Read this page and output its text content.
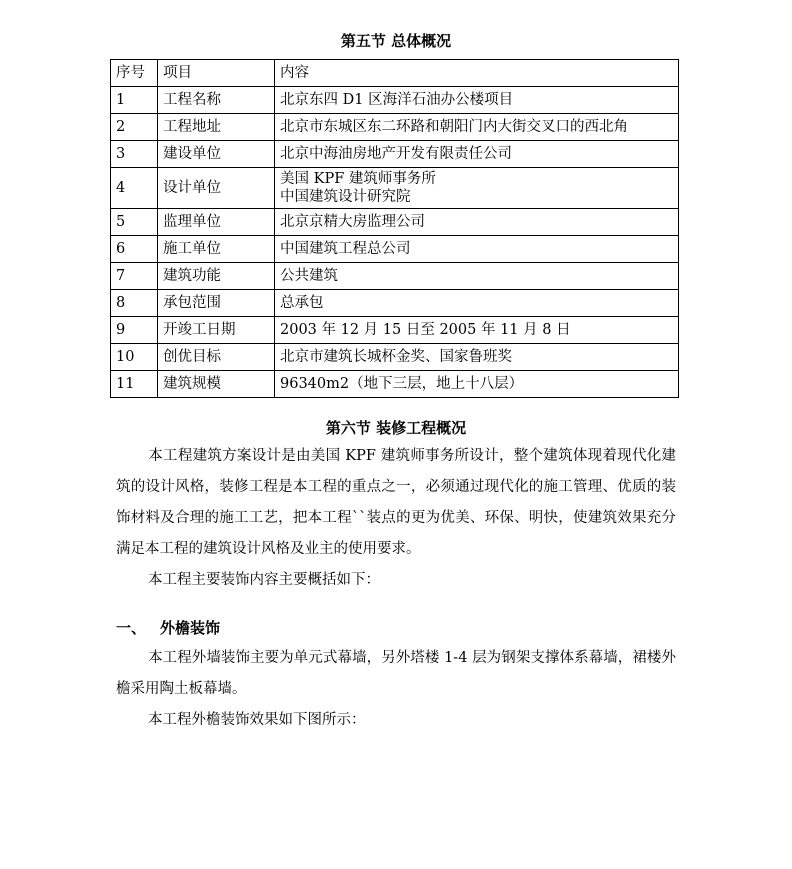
第五节 总体概况
序号	项目	内容
1	工程名称	北京东四 D1 区海洋石油办公楼项目

2	工程地址	北京市东城区东二环路和朝阳门内大街交叉口的西北角

3	建设单位	北京中海油房地产开发有限责任公司

4	设计单位	美国 KPF 建筑师事务所
中国建筑设计研究院

5	监理单位	北京京精大房监理公司

6	施工单位	中国建筑工程总公司

7	建筑功能	公共建筑

8	承包范围	总承包

9	开竣工日期	2003 年 12 月 15 日至 2005 年 11 月 8 日

10	创优目标	北京市建筑长城杯金奖、国家鲁班奖

11	建筑规模	96340m2（地下三层，地上十八层）
第六节 装修工程概况
本工程建筑方案设计是由美国 KPF 建筑师事务所设计，整个建筑体现着现代化建筑的设计风格，装修工程是本工程的重点之一，必须通过现代化的施工管理、优质的装饰材料及合理的施工工艺，把本工程``装点的更为优美、环保、明快，使建筑效果充分满足本工程的建筑设计风格及业主的使用要求。
本工程主要装饰内容主要概括如下：
一、 外檐装饰
本工程外墙装饰主要为单元式幕墙，另外塔楼 1-4 层为钢架支撑体系幕墙，裙楼外檐采用陶土板幕墙。
本工程外檐装饰效果如下图所示：
